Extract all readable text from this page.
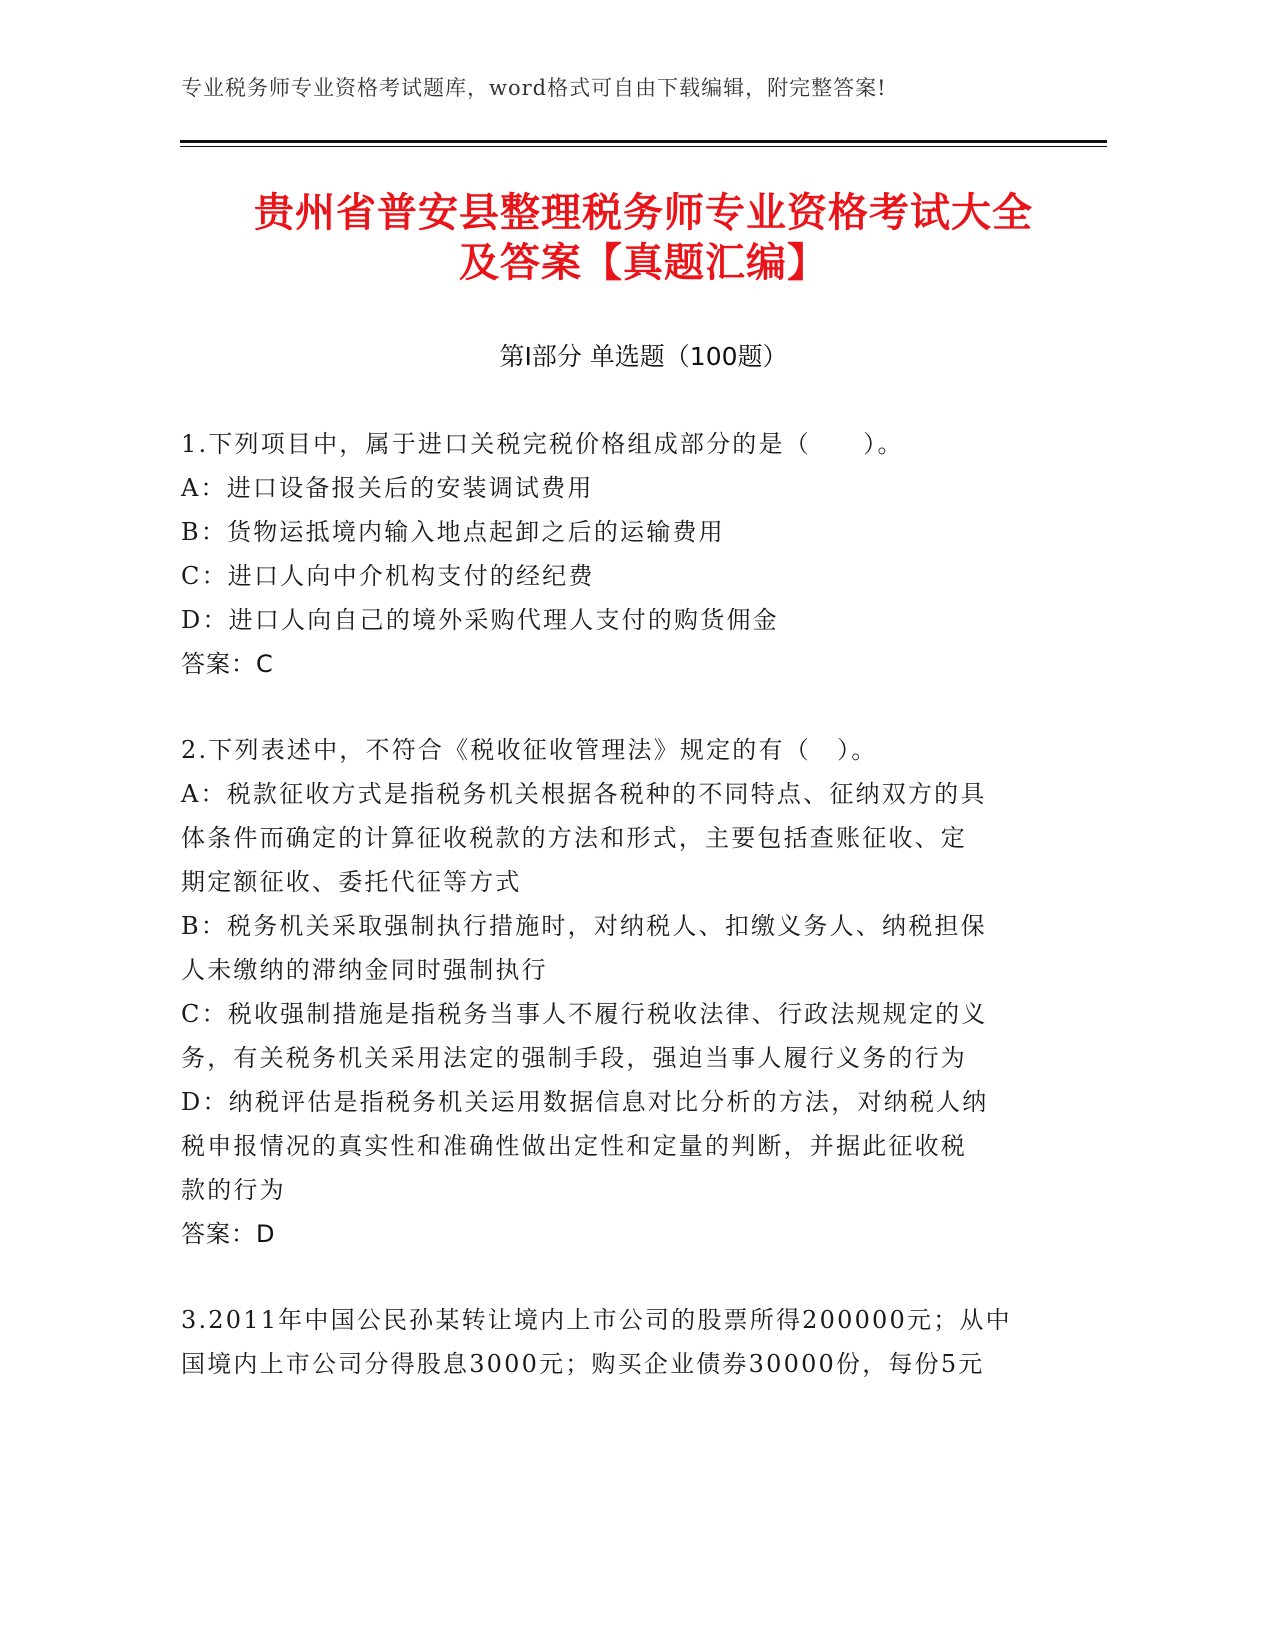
专业税务师专业资格考试题库，word格式可自由下载编辑，附完整答案!
贵州省普安县整理税务师专业资格考试大全
及答案【真题汇编】
第Ⅰ部分 单选题（100题）
1.下列项目中，属于进口关税完税价格组成部分的是（　　）。
A：进口设备报关后的安装调试费用
B：货物运抵境内输入地点起卸之后的运输费用
C：进口人向中介机构支付的经纪费
D：进口人向自己的境外采购代理人支付的购货佣金
答案：C
2.下列表述中，不符合《税收征收管理法》规定的有（　）。
A：税款征收方式是指税务机关根据各税种的不同特点、征纳双方的具
体条件而确定的计算征收税款的方法和形式，主要包括查账征收、定
期定额征收、委托代征等方式
B：税务机关采取强制执行措施时，对纳税人、扣缴义务人、纳税担保
人未缴纳的滞纳金同时强制执行
C：税收强制措施是指税务当事人不履行税收法律、行政法规规定的义
务，有关税务机关采用法定的强制手段，强迫当事人履行义务的行为
D：纳税评估是指税务机关运用数据信息对比分析的方法，对纳税人纳
税申报情况的真实性和准确性做出定性和定量的判断，并据此征收税
款的行为
答案：D
3.2011年中国公民孙某转让境内上市公司的股票所得200000元；从中
国境内上市公司分得股息3000元；购买企业债券30000份，每份5元
